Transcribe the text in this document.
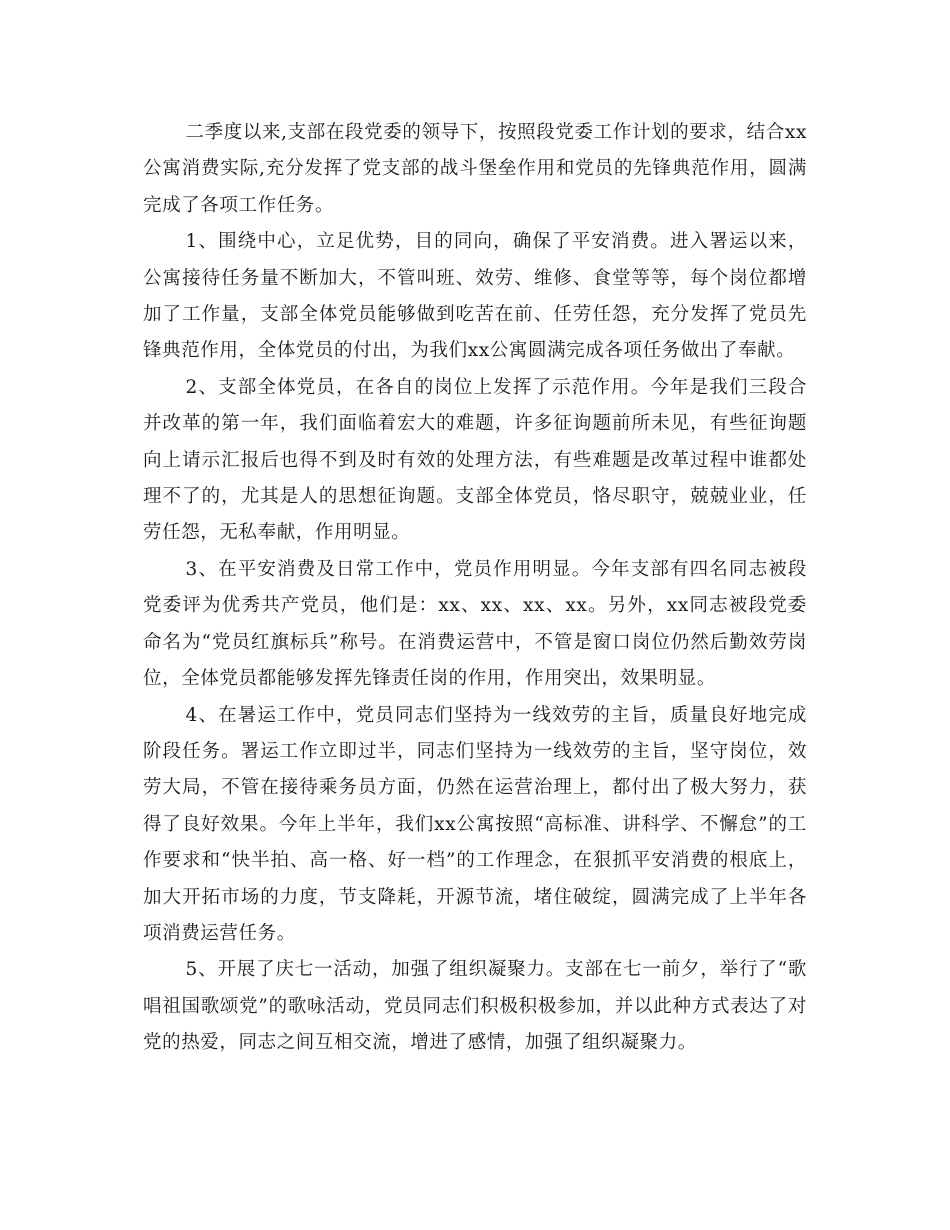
二季度以来,支部在段党委的领导下，按照段党委工作计划的要求，结合xx公寓消费实际,充分发挥了党支部的战斗堡垒作用和党员的先锋典范作用，圆满完成了各项工作任务。

1、围绕中心，立足优势，目的同向，确保了平安消费。进入署运以来，公寓接待任务量不断加大，不管叫班、效劳、维修、食堂等等，每个岗位都增加了工作量，支部全体党员能够做到吃苦在前、任劳任怨，充分发挥了党员先锋典范作用，全体党员的付出，为我们xx公寓圆满完成各项任务做出了奉献。

2、支部全体党员，在各自的岗位上发挥了示范作用。今年是我们三段合并改革的第一年，我们面临着宏大的难题，许多征询题前所未见，有些征询题向上请示汇报后也得不到及时有效的处理方法，有些难题是改革过程中谁都处理不了的，尤其是人的思想征询题。支部全体党员，恪尽职守，兢兢业业，任劳任怨，无私奉献，作用明显。

3、在平安消费及日常工作中，党员作用明显。今年支部有四名同志被段党委评为优秀共产党员，他们是：xx、xx、xx、xx。另外，xx同志被段党委命名为“党员红旗标兵”称号。在消费运营中，不管是窗口岗位仍然后勤效劳岗位，全体党员都能够发挥先锋责任岗的作用，作用突出，效果明显。

4、在暑运工作中，党员同志们坚持为一线效劳的主旨，质量良好地完成阶段任务。署运工作立即过半，同志们坚持为一线效劳的主旨，坚守岗位，效劳大局，不管在接待乘务员方面，仍然在运营治理上，都付出了极大努力，获得了良好效果。今年上半年，我们xx公寓按照“高标准、讲科学、不懈怠”的工作要求和“快半拍、高一格、好一档”的工作理念，在狠抓平安消费的根底上，加大开拓市场的力度，节支降耗，开源节流，堵住破绽，圆满完成了上半年各项消费运营任务。

5、开展了庆七一活动，加强了组织凝聚力。支部在七一前夕，举行了“歌唱祖国歌颂党”的歌咏活动，党员同志们积极积极参加，并以此种方式表达了对党的热爱，同志之间互相交流，增进了感情，加强了组织凝聚力。
